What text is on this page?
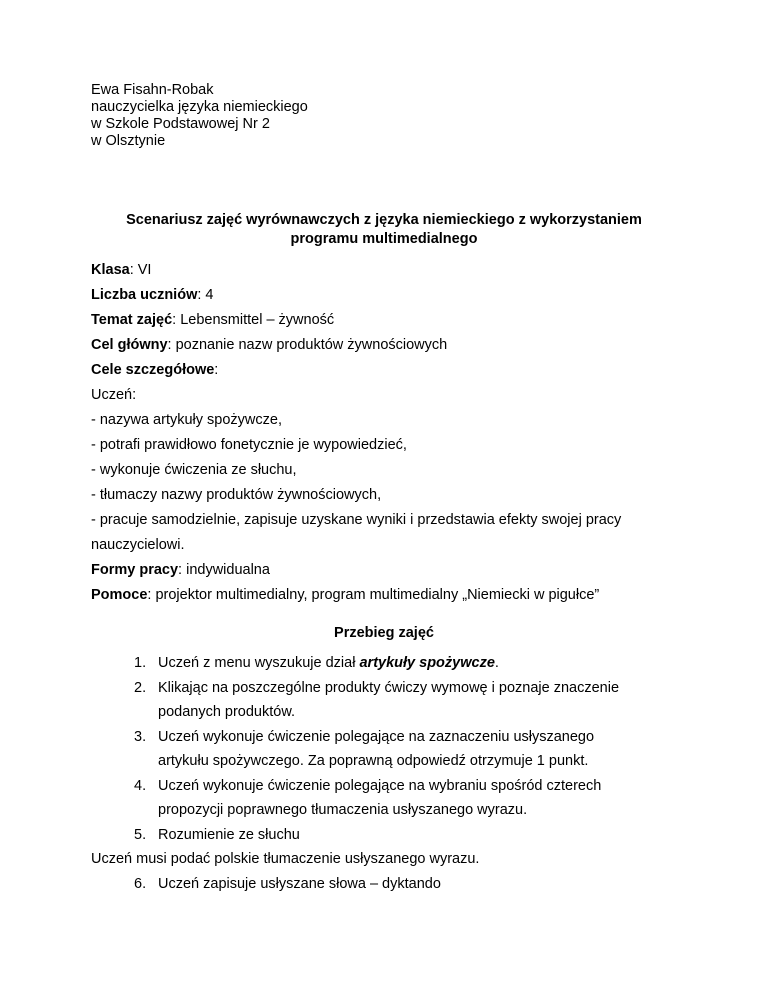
Ewa Fisahn-Robak
nauczycielka języka niemieckiego
w Szkole Podstawowej Nr 2
w Olsztynie
Scenariusz zajęć wyrównawczych z języka niemieckiego z wykorzystaniem
programu multimedialnego
Klasa: VI
Liczba uczniów: 4
Temat zajęć: Lebensmittel – żywność
Cel główny: poznanie nazw produktów żywnościowych
Cele szczegółowe:
Uczeń:
- nazywa artykuły spożywcze,
- potrafi prawidłowo fonetycznie je wypowiedzieć,
- wykonuje ćwiczenia ze słuchu,
- tłumaczy nazwy produktów żywnościowych,
- pracuje samodzielnie, zapisuje uzyskane wyniki i przedstawia efekty swojej pracy
nauczycielowi.
Formy pracy: indywidualna
Pomoce: projektor multimedialny, program multimedialny „Niemiecki w pigułce”
Przebieg zajęć
1. Uczeń z menu wyszukuje dział artykuły spożywcze.
2. Klikając na poszczególne produkty ćwiczy wymowę i poznaje znaczenie
podanych produktów.
3. Uczeń wykonuje ćwiczenie polegające na zaznaczeniu usłyszanego
artykułu spożywczego. Za poprawną odpowiedź otrzymuje 1 punkt.
4. Uczeń wykonuje ćwiczenie polegające na wybraniu spośród czterech
propozycji poprawnego tłumaczenia usłyszanego wyrazu.
5. Rozumienie ze słuchu
Uczeń musi podać polskie tłumaczenie usłyszanego wyrazu.
6. Uczeń zapisuje usłyszane słowa – dyktando
